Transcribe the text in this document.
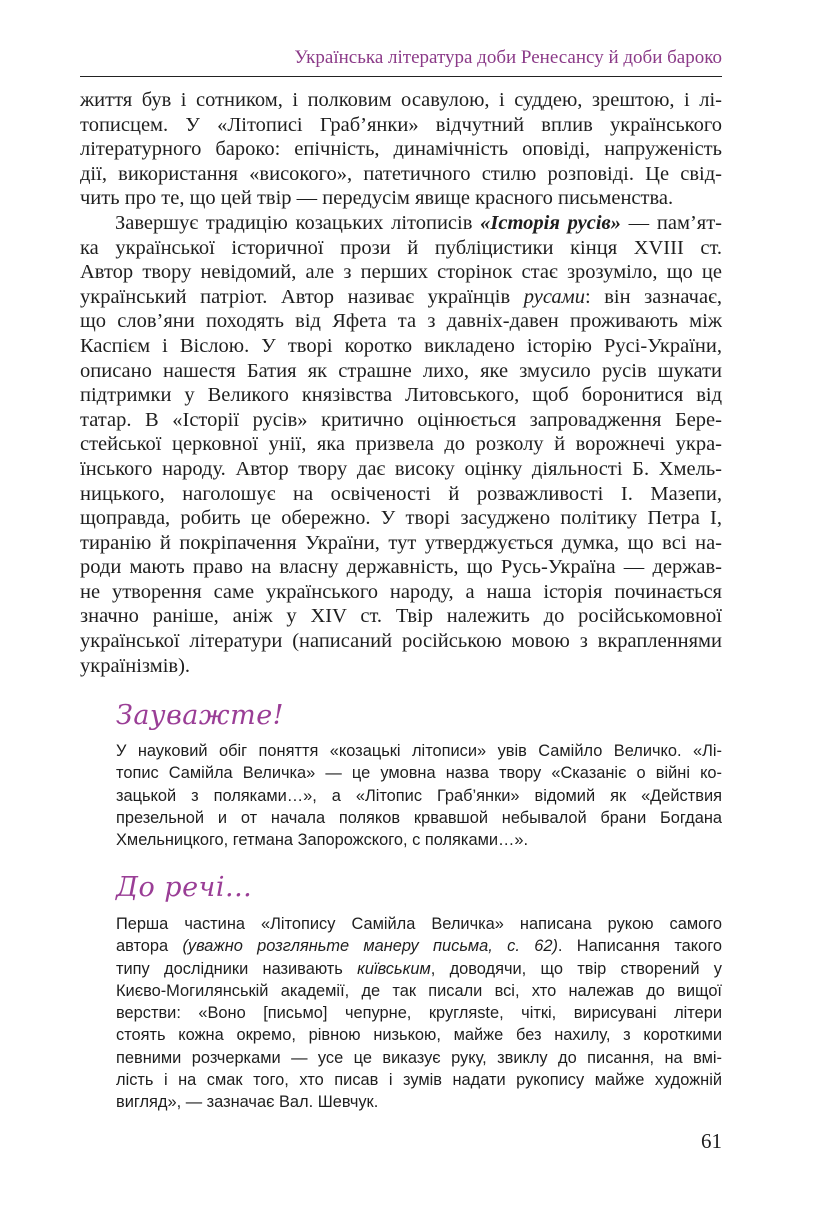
Українська література доби Ренесансу й доби бароко

життя був і сотником, і полковим осавулою, і суддею, зрештою, і лі-
тописцем. У «Літописі Граб’янки» відчутний вплив українського
літературного бароко: епічність, динамічність оповіді, напруженість
дії, використання «високого», патетичного стилю розповіді. Це свід-
чить про те, що цей твір — передусім явище красного письменства.

Завершує традицію козацьких літописів «Історія русів» — пам’ят-
ка української історичної прози й публіцистики кінця XVIII ст.
Автор твору невідомий, але з перших сторінок стає зрозуміло, що це
український патріот. Автор називає українців русами: він зазначає,
що слов’яни походять від Яфета та з давніх-давен проживають між
Каспієм і Віслою. У творі коротко викладено історію Русі-України,
описано нашестя Батия як страшне лихо, яке змусило русів шукати
підтримки у Великого князівства Литовського, щоб боронитися від
татар. В «Історії русів» критично оцінюється запровадження Бере-
стейської церковної унії, яка призвела до розколу й ворожнечі укра-
їнського народу. Автор твору дає високу оцінку діяльності Б. Хмель-
ницького, наголошує на освіченості й розважливості І. Мазепи,
щоправда, робить це обережно. У творі засуджено політику Петра І,
тиранію й покріпачення України, тут утверджується думка, що всі на-
роди мають право на власну державність, що Русь-Україна — держав-
не утворення саме українського народу, а наша історія починається
значно раніше, аніж у XIV ст. Твір належить до російськомовної
української літератури (написаний російською мовою з вкрапленнями
українізмів).

Зауважте!
У науковий обіг поняття «козацькі літописи» увів Самійло Величко. «Лі-
топис Самійла Величка» — це умовна назва твору «Сказаніє о війні ко-
зацькой з поляками…», а «Літопис Граб’янки» відомий як «Действия
презельной и от начала поляков крвавшой небывалой брани Богдана
Хмельницкого, гетмана Запорожского, с поляками…».
До речі...
Перша частина «Літопису Самійла Величка» написана рукою самого
автора (уважно розгляньте манеру письма, с. 62). Написання такого
типу дослідники називають київським, доводячи, що твір створений у
Києво-Могилянській академії, де так писали всі, хто належав до вищої
верстви: «Воно [письмо] чепурне, кругляste, чіткі, вирисувані літери
стоять кожна окремо, рівною низькою, майже без нахилу, з короткими
певними розчерками — усе це виказує руку, звиклу до писання, на вмі-
лість і на смак того, хто писав і зумів надати рукопису майже художній
вигляд», — зазначає Вал. Шевчук.
61
